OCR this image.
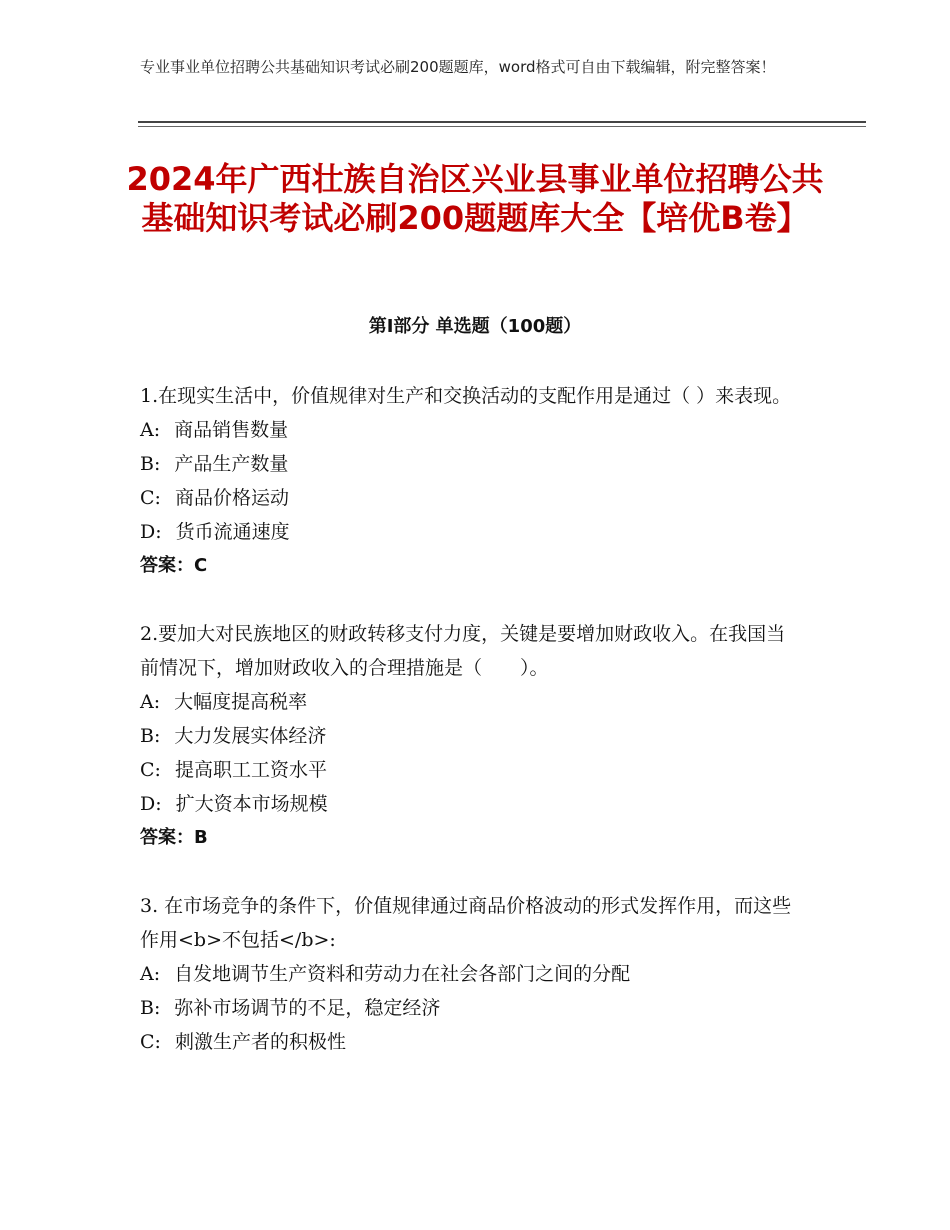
专业事业单位招聘公共基础知识考试必刷200题题库，word格式可自由下载编辑，附完整答案！
2024年广西壮族自治区兴业县事业单位招聘公共基础知识考试必刷200题题库大全【培优B卷】
第Ⅰ部分 单选题（100题）
1.在现实生活中，价值规律对生产和交换活动的支配作用是通过（ ）来表现。
A: 商品销售数量
B: 产品生产数量
C: 商品价格运动
D: 货币流通速度
答案：C
2.要加大对民族地区的财政转移支付力度，关键是要增加财政收入。在我国当前情况下，增加财政收入的合理措施是（　　）。
A: 大幅度提高税率
B: 大力发展实体经济
C: 提高职工工资水平
D: 扩大资本市场规模
答案：B
3. 在市场竞争的条件下，价值规律通过商品价格波动的形式发挥作用，而这些作用<b>不包括</b>:
A: 自发地调节生产资料和劳动力在社会各部门之间的分配
B: 弥补市场调节的不足，稳定经济
C: 刺激生产者的积极性
